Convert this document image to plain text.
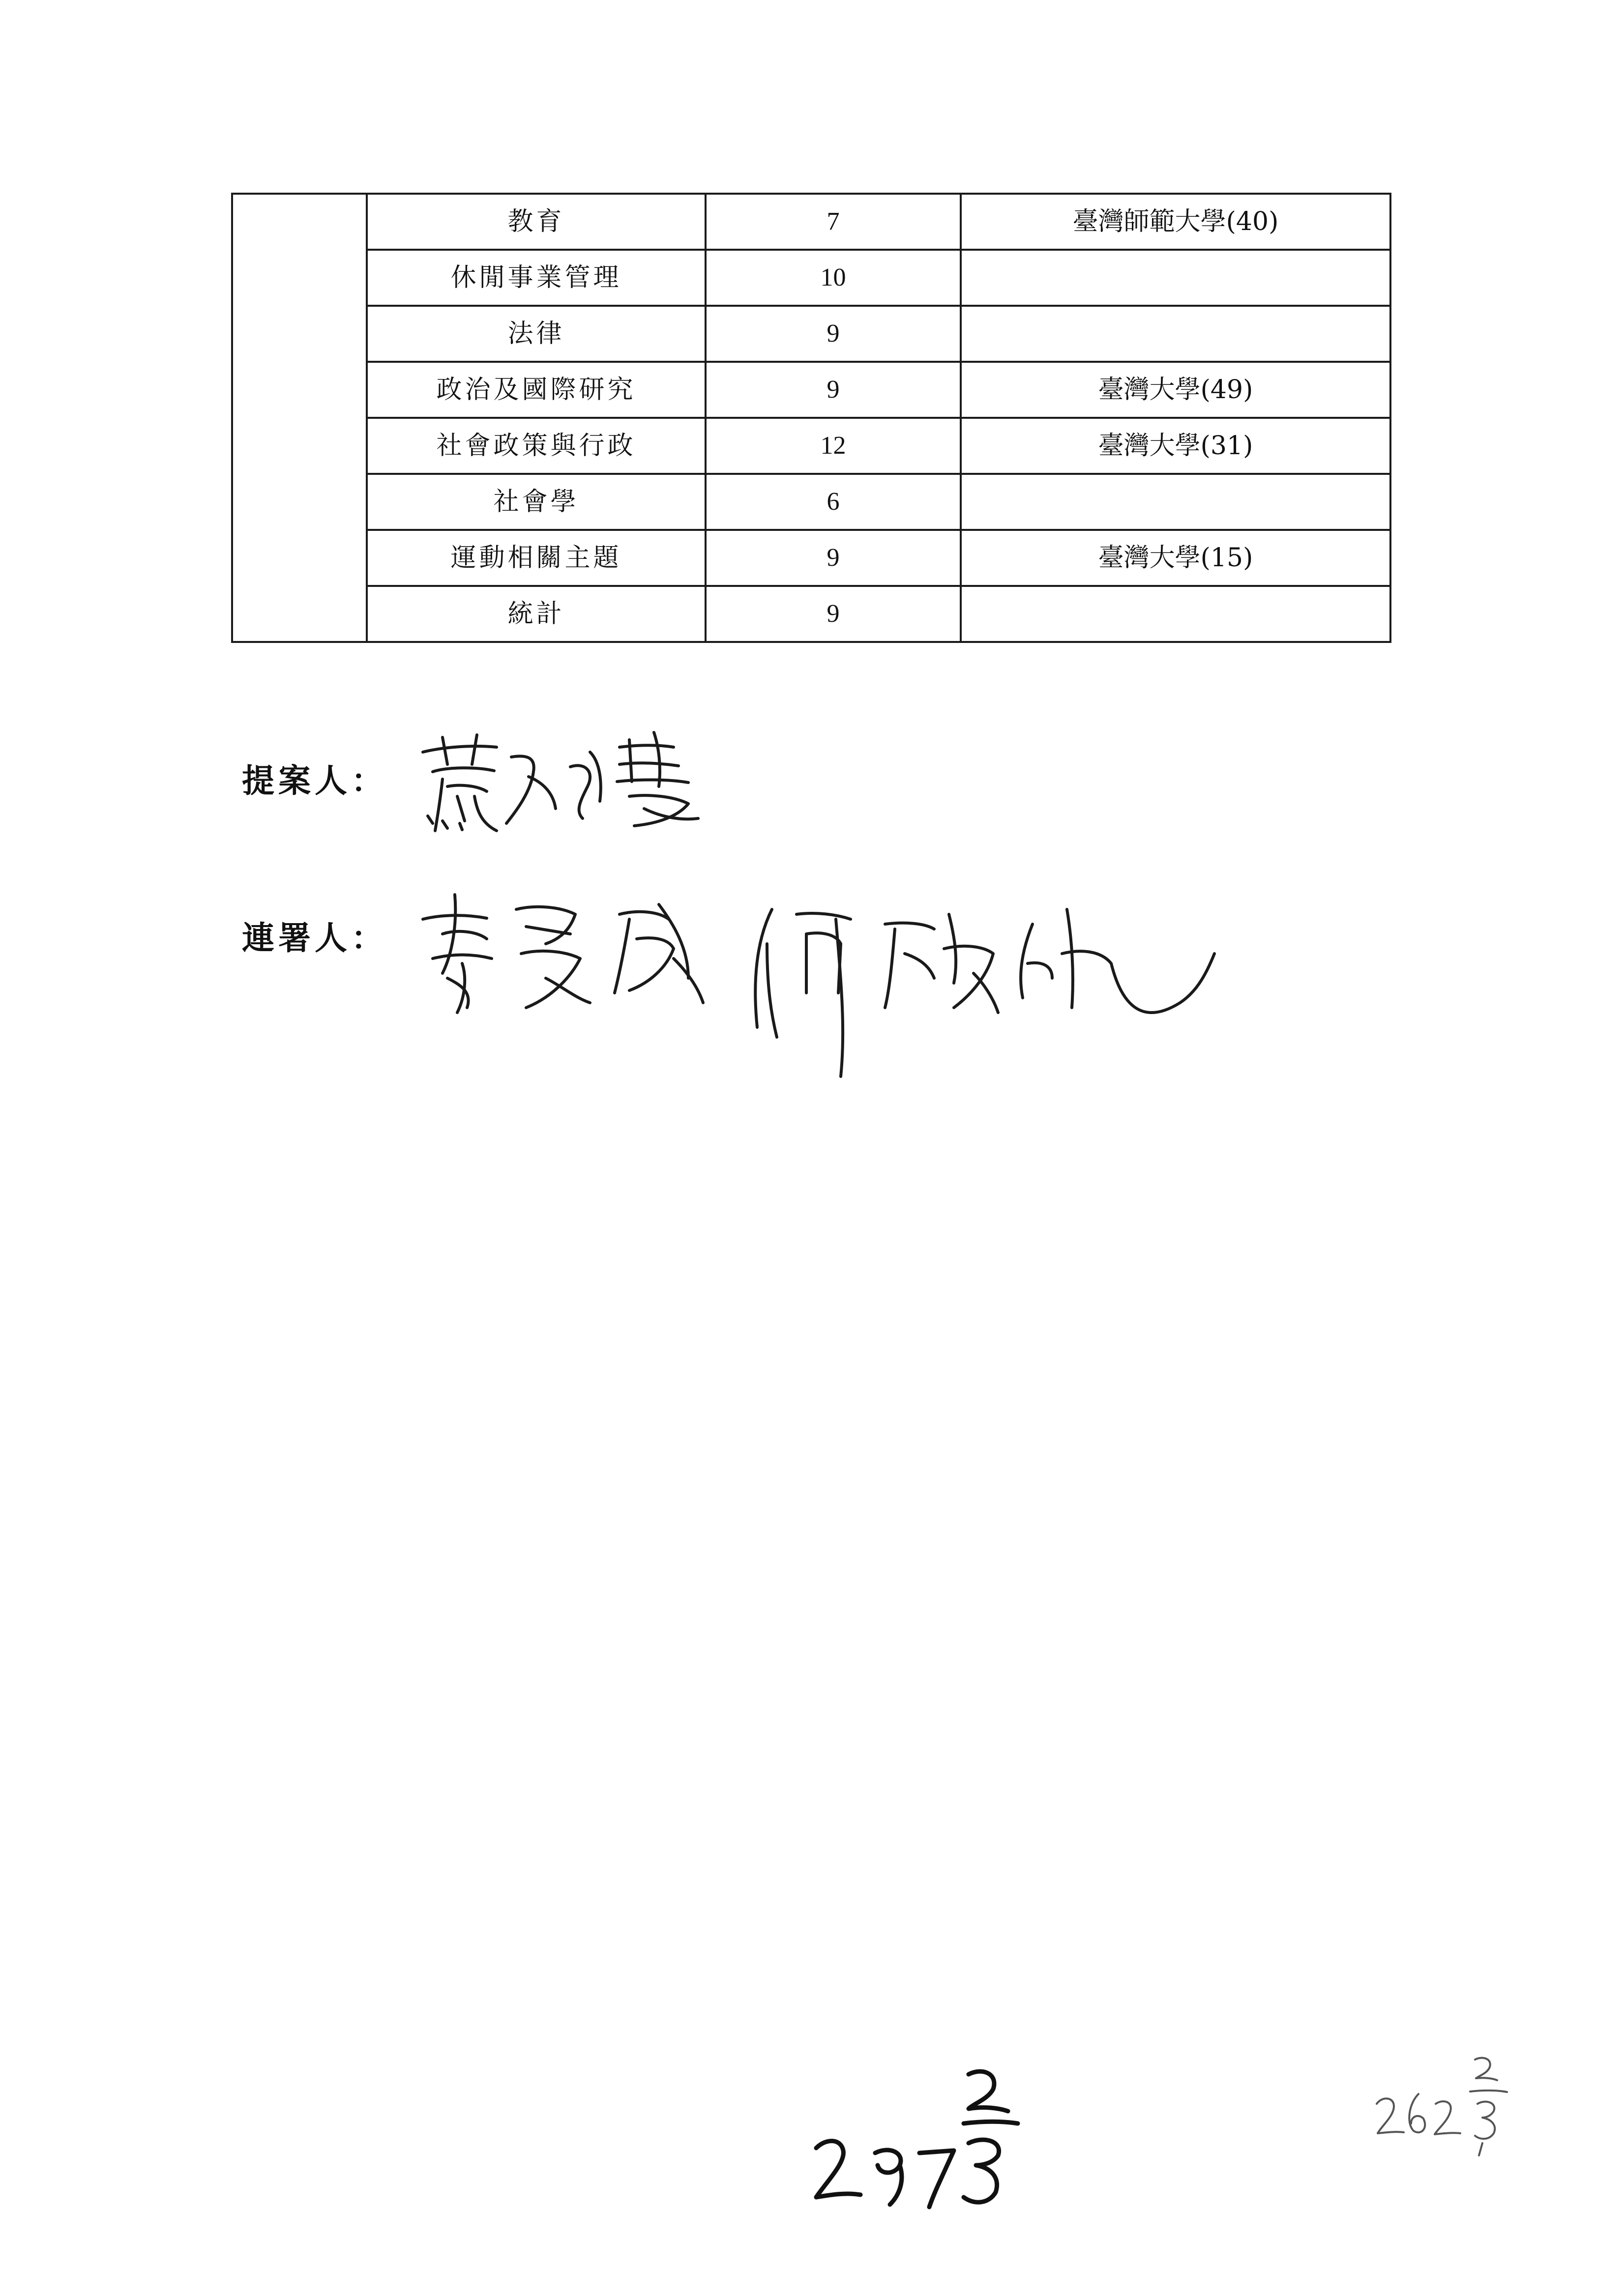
	教育	7	臺灣師範大學(40)
	休閒事業管理	10	
	法律	9	
	政治及國際研究	9	臺灣大學(49)
	社會政策與行政	12	臺灣大學(31)
	社會學	6	
	運動相關主題	9	臺灣大學(15)
	統計	9	
提案人：
連署人：
